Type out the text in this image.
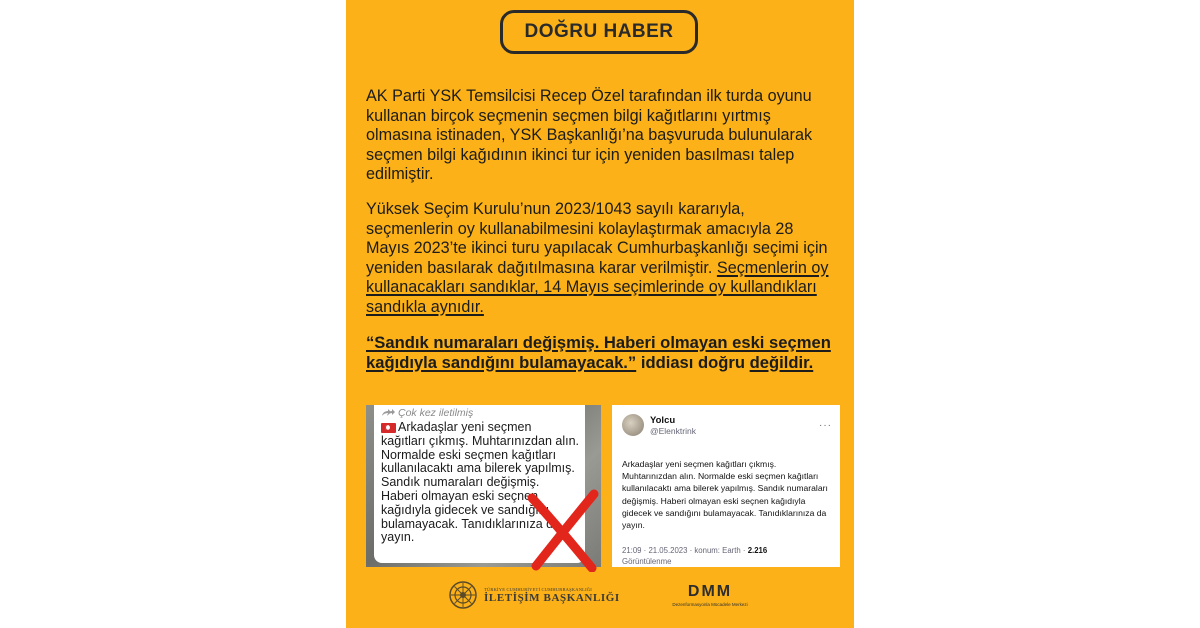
DOĞRU HABER
AK Parti YSK Temsilcisi Recep Özel tarafından ilk turda oyunu kullanan birçok seçmenin seçmen bilgi kağıtlarını yırtmış olmasına istinaden, YSK Başkanlığı’na başvuruda bulunularak seçmen bilgi kağıdının ikinci tur için yeniden basılması talep edilmiştir.
Yüksek Seçim Kurulu’nun 2023/1043 sayılı kararıyla, seçmenlerin oy kullanabilmesini kolaylaştırmak amacıyla 28 Mayıs 2023’te ikinci turu yapılacak Cumhurbaşkanlığı seçimi için yeniden basılarak dağıtılmasına karar verilmiştir. Seçmenlerin oy kullanacakları sandıklar, 14 Mayıs seçimlerinde oy kullandıkları sandıkla aynıdır.
“Sandık numaraları değişmiş. Haberi olmayan eski seçmen kağıdıyla sandığını bulamayacak.” iddiası doğru değildir.
Çok kez iletilmiş
Arkadaşlar yeni seçmen kağıtları çıkmış. Muhtarınızdan alın. Normalde eski seçmen kağıtları kullanılacaktı ama bilerek yapılmış. Sandık numaraları değişmiş. Haberi olmayan eski seçnen kağıdıyla gidecek ve sandığını bulamayacak. Tanıdıklarınıza da yayın.
Yolcu
@Elenktrink	···
Arkadaşlar yeni seçmen kağıtları çıkmış. Muhtarınızdan alın. Normalde eski seçmen kağıtları kullanılacaktı ama bilerek yapılmış. Sandık numaraları değişmiş. Haberi olmayan eski seçnen kağıdıyla gidecek ve sandığını bulamayacak. Tanıdıklarınıza da yayın.
21:09 · 21.05.2023 · konum: Earth · 2.216
Görüntülenme
TÜRKİYE CUMHURİYETİ CUMHURBAŞKANLIĞI
İLETİŞİM BAŞKANLIĞI	DMM
Dezenformasyonla Mücadele Merkezi
